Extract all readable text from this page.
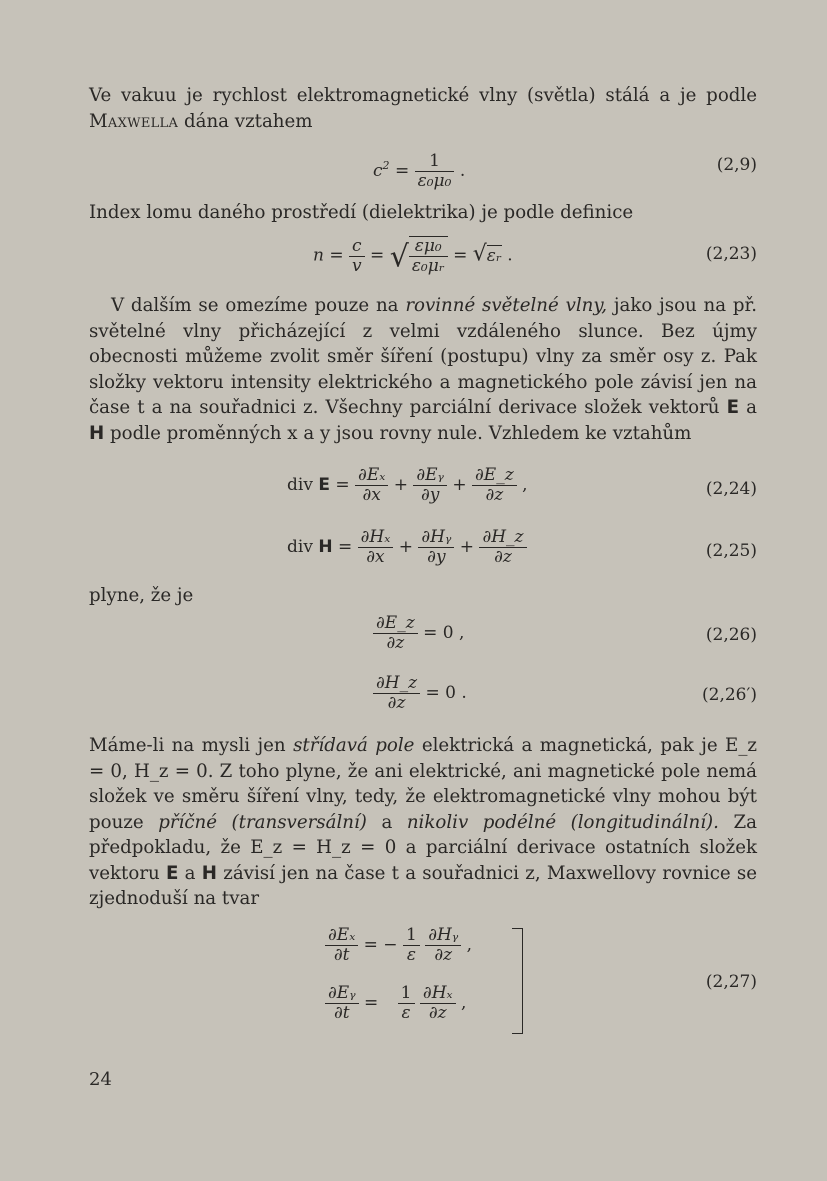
Ve vakuu je rychlost elektromagnetické vlny (světla) stálá a je podle Maxwella dána vztahem

$c^2 = \frac{1}{\text{ε₀μ₀}}$ .	(2,9)

Index lomu daného prostředí (dielektrika) je podle definice

$n = \frac{c}{v}$ = √ $\frac{\text{εμ₀}}{\text{ε₀μᵣ}}$ = √εᵣ .	(2,23)

V dalším se omezíme pouze na rovinné světelné vlny, jako jsou na př. světelné vlny přicházející z velmi vzdáleného slunce. Bez újmy obecnosti můžeme zvolit směr šíření (postupu) vlny za směr osy z. Pak složky vektoru intensity elektrického a magnetického pole závisí jen na čase t a na souřadnici z. Všechny parciální derivace složek vektorů E a H podle proměnných x a y jsou rovny nule. Vzhledem ke vztahům

div $E = \frac{\text{∂Eₓ}}{\partial x} + \frac{\text{∂Eᵧ}}{\partial y} + \frac{\partial E\_z}{\partial z}$ ,	(2,24)
div $H = \frac{\text{∂Hₓ}}{\partial x} + \frac{\text{∂Hᵧ}}{\partial y} + \frac{\partial H\_z}{\partial z}$	(2,25)

plyne, že je

$\frac{\partial E\_z}{\partial z} = 0$ ,	(2,26)
$\frac{\partial H\_z}{\partial z} = 0$ .	(2,26′)

Máme-li na mysli jen střídavá pole elektrická a magnetická, pak je E_z = 0, H_z = 0. Z toho plyne, že ani elektrické, ani magnetické pole nemá složek ve směru šíření vlny, tedy, že elektromagnetické vlny mohou být pouze příčné (transversální) a nikoliv podélné (longitudinální). Za předpokladu, že E_z = H_z = 0 a parciální derivace ostatních složek vektoru E a H závisí jen na čase t a souřadnici z, Maxwellovy rovnice se zjednoduší na tvar

$\frac{\text{∂Eₓ}}{\partial t}$ = − $\frac{1}{\varepsilon}$
$\frac{\text{∂Hᵧ}}{\partial z}$ ,
$\frac{\text{∂Eᵧ}}{\partial t} = \frac{1}{\varepsilon}$
$\frac{\text{∂Hₓ}}{\partial z}$ ,
(2,27)
24
